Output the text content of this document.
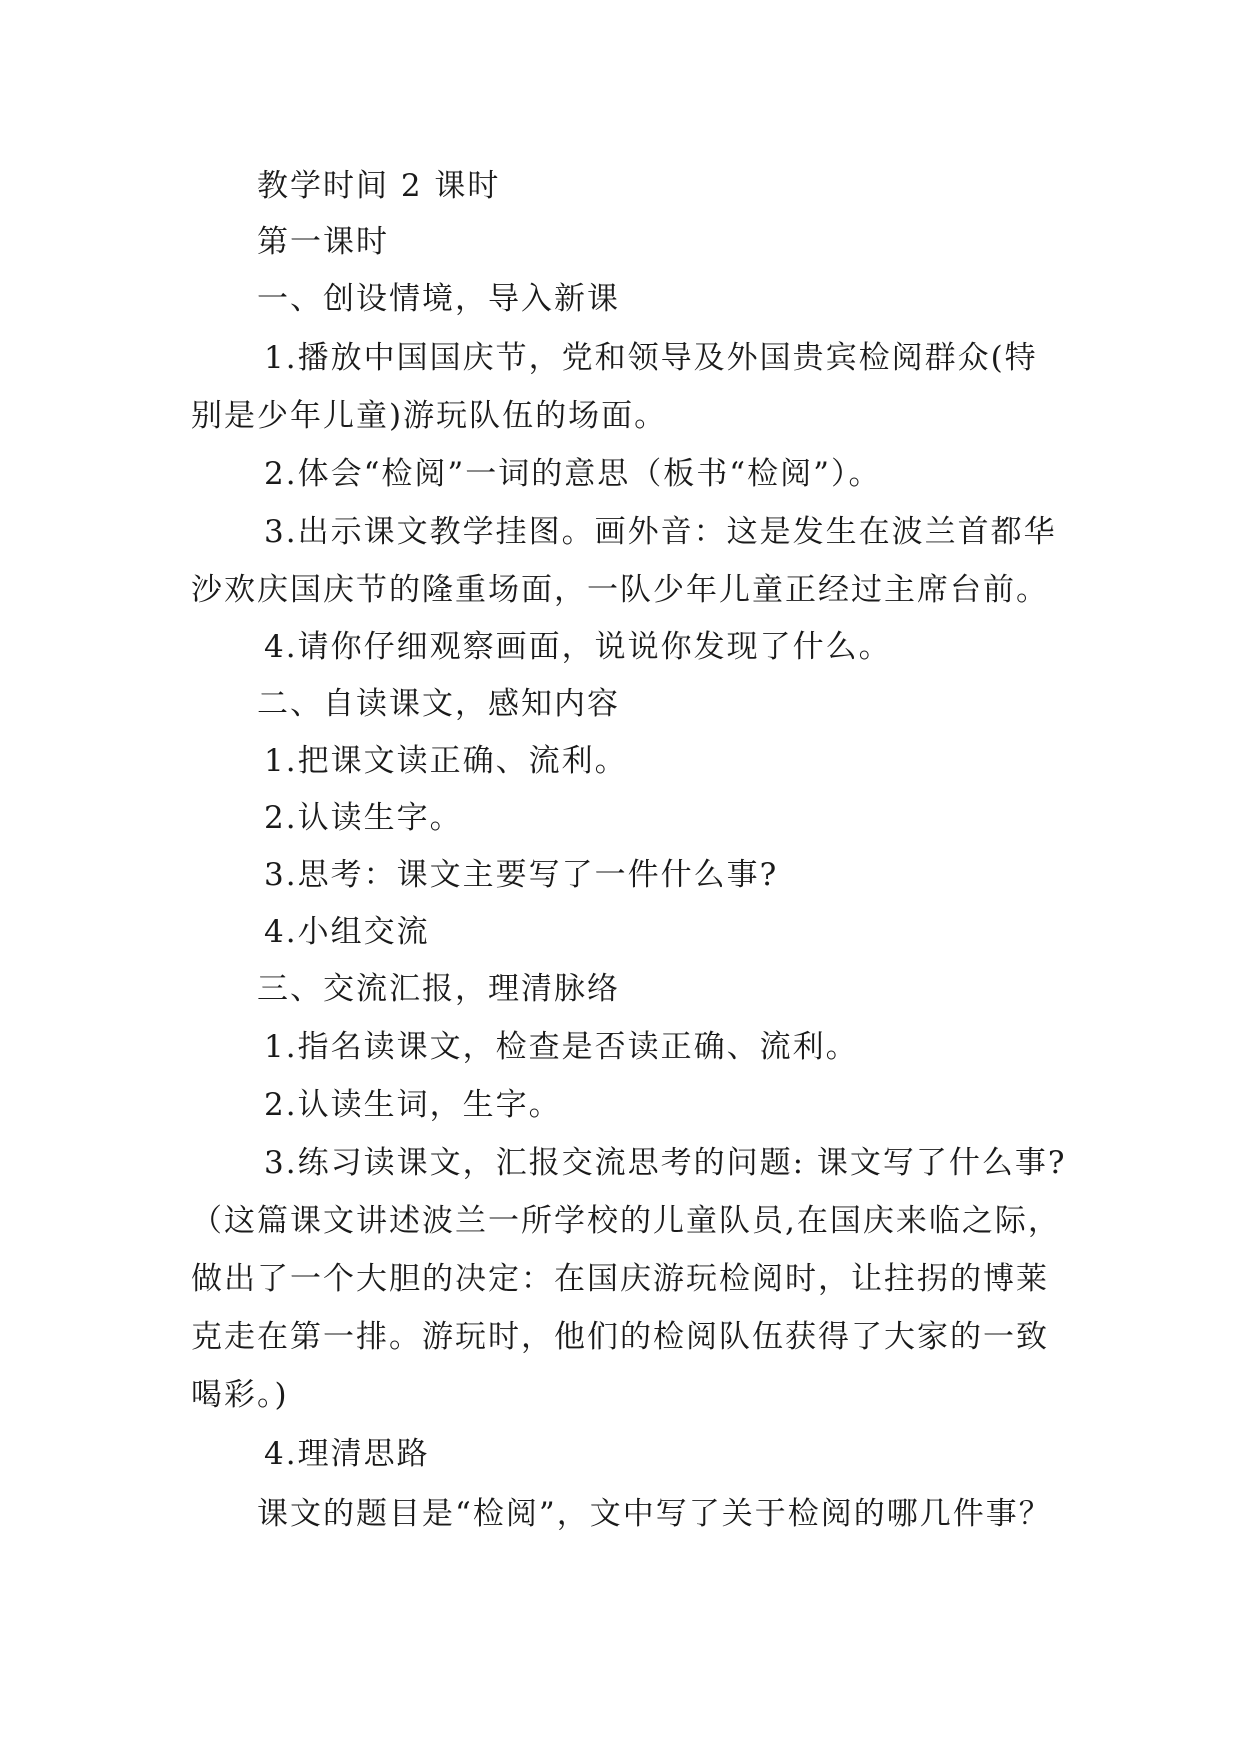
教学时间 2 课时
第一课时
一、创设情境，导入新课
1.播放中国国庆节，党和领导及外国贵宾检阅群众(特
别是少年儿童)游玩队伍的场面。
2.体会“检阅”一词的意思（板书“检阅”）。
3.出示课文教学挂图。画外音：这是发生在波兰首都华
沙欢庆国庆节的隆重场面，一队少年儿童正经过主席台前。
4.请你仔细观察画面，说说你发现了什么。
二、自读课文，感知内容
1.把课文读正确、流利。
2.认读生字。
3.思考：课文主要写了一件什么事?
4.小组交流
三、交流汇报，理清脉络
1.指名读课文，检查是否读正确、流利。
2.认读生词，生字。
3.练习读课文，汇报交流思考的问题: 课文写了什么事?
（这篇课文讲述波兰一所学校的儿童队员,在国庆来临之际，
做出了一个大胆的决定：在国庆游玩检阅时，让拄拐的博莱
克走在第一排。游玩时，他们的检阅队伍获得了大家的一致
喝彩。)
4.理清思路
课文的题目是“检阅”，文中写了关于检阅的哪几件事？
